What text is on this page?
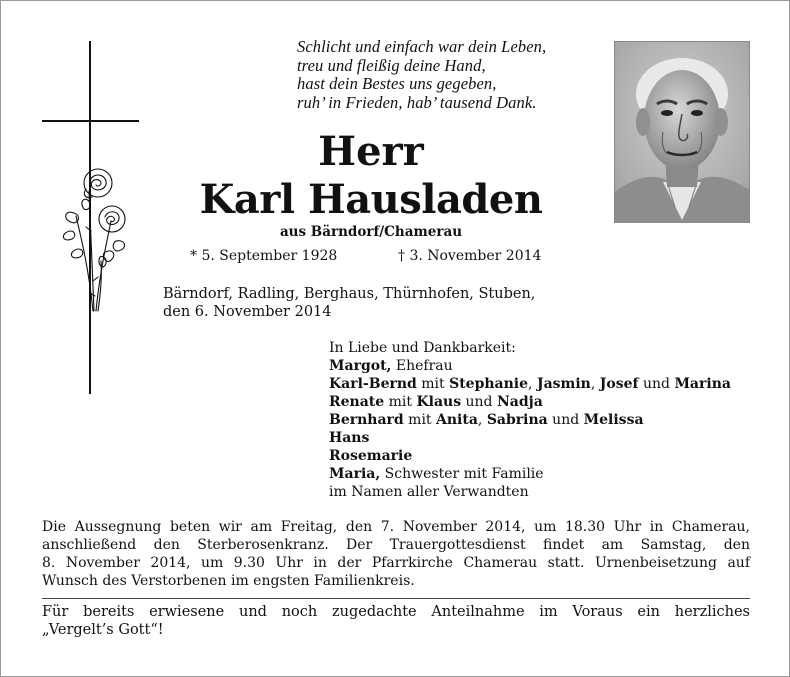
Schlicht und einfach war dein Leben,
treu und fleißig deine Hand,
hast dein Bestes uns gegeben,
ruh’ in Frieden, hab’ tausend Dank.
Herr
Karl Hausladen
aus Bärndorf/Chamerau
* 5. September 1928	† 3. November 2014
Bärndorf, Radling, Berghaus, Thürnhofen, Stuben,
den 6. November 2014
In Liebe und Dankbarkeit:
Margot, Ehefrau
Karl-Bernd mit Stephanie, Jasmin, Josef und Marina
Renate mit Klaus und Nadja
Bernhard mit Anita, Sabrina und Melissa
Hans
Rosemarie
Maria, Schwester mit Familie
im Namen aller Verwandten
Die Aussegnung beten wir am Freitag, den 7. November 2014, um 18.30 Uhr in Chamerau,
anschließend den Sterberosenkranz. Der Trauergottesdienst findet am Samstag, den
8. November 2014, um 9.30 Uhr in der Pfarrkirche Chamerau statt. Urnenbeisetzung auf
Wunsch des Verstorbenen im engsten Familienkreis.
Für bereits erwiesene und noch zugedachte Anteilnahme im Voraus ein herzliches
„Vergelt’s Gott“!
